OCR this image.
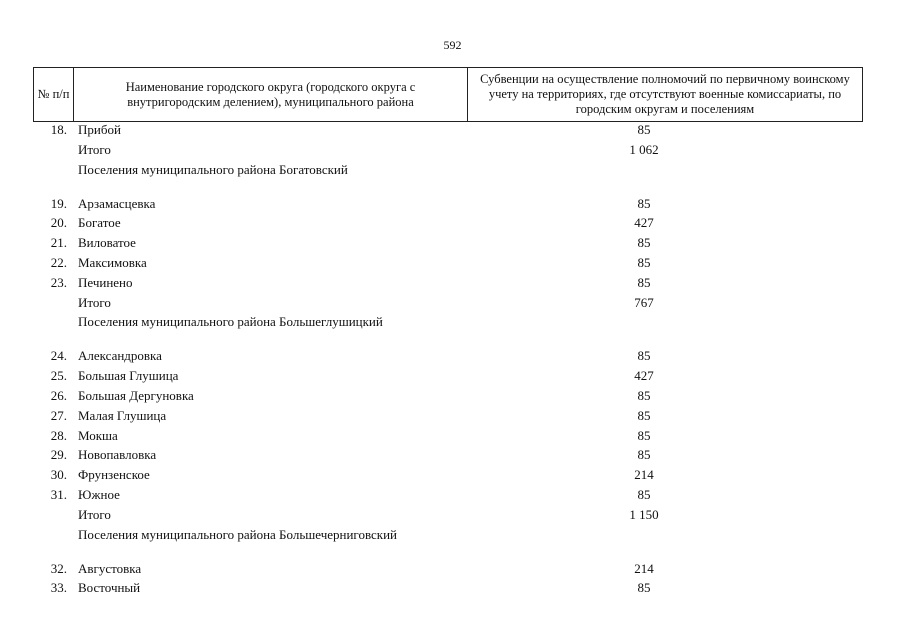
592
№ п/п
Наименование городского округа (городского округа с внутригородским делением), муниципального района
Субвенции на осуществление полномочий по первичному воинскому учету на территориях, где отсутствуют военные комиссариаты, по городским округам и поселениям
18. Прибой	85
Итого	1 062
Поселения муниципального района Богатовский
19. Арзамасцевка	85
20. Богатое	427
21. Виловатое	85
22. Максимовка	85
23. Печинено	85
Итого	767
Поселения муниципального района Большеглушицкий
24. Александровка	85
25. Большая Глушица	427
26. Большая Дергуновка	85
27. Малая Глушица	85
28. Мокша	85
29. Новопавловка	85
30. Фрунзенское	214
31. Южное	85
Итого	1 150
Поселения муниципального района Большечерниговский
32. Августовка	214
33. Восточный	85
